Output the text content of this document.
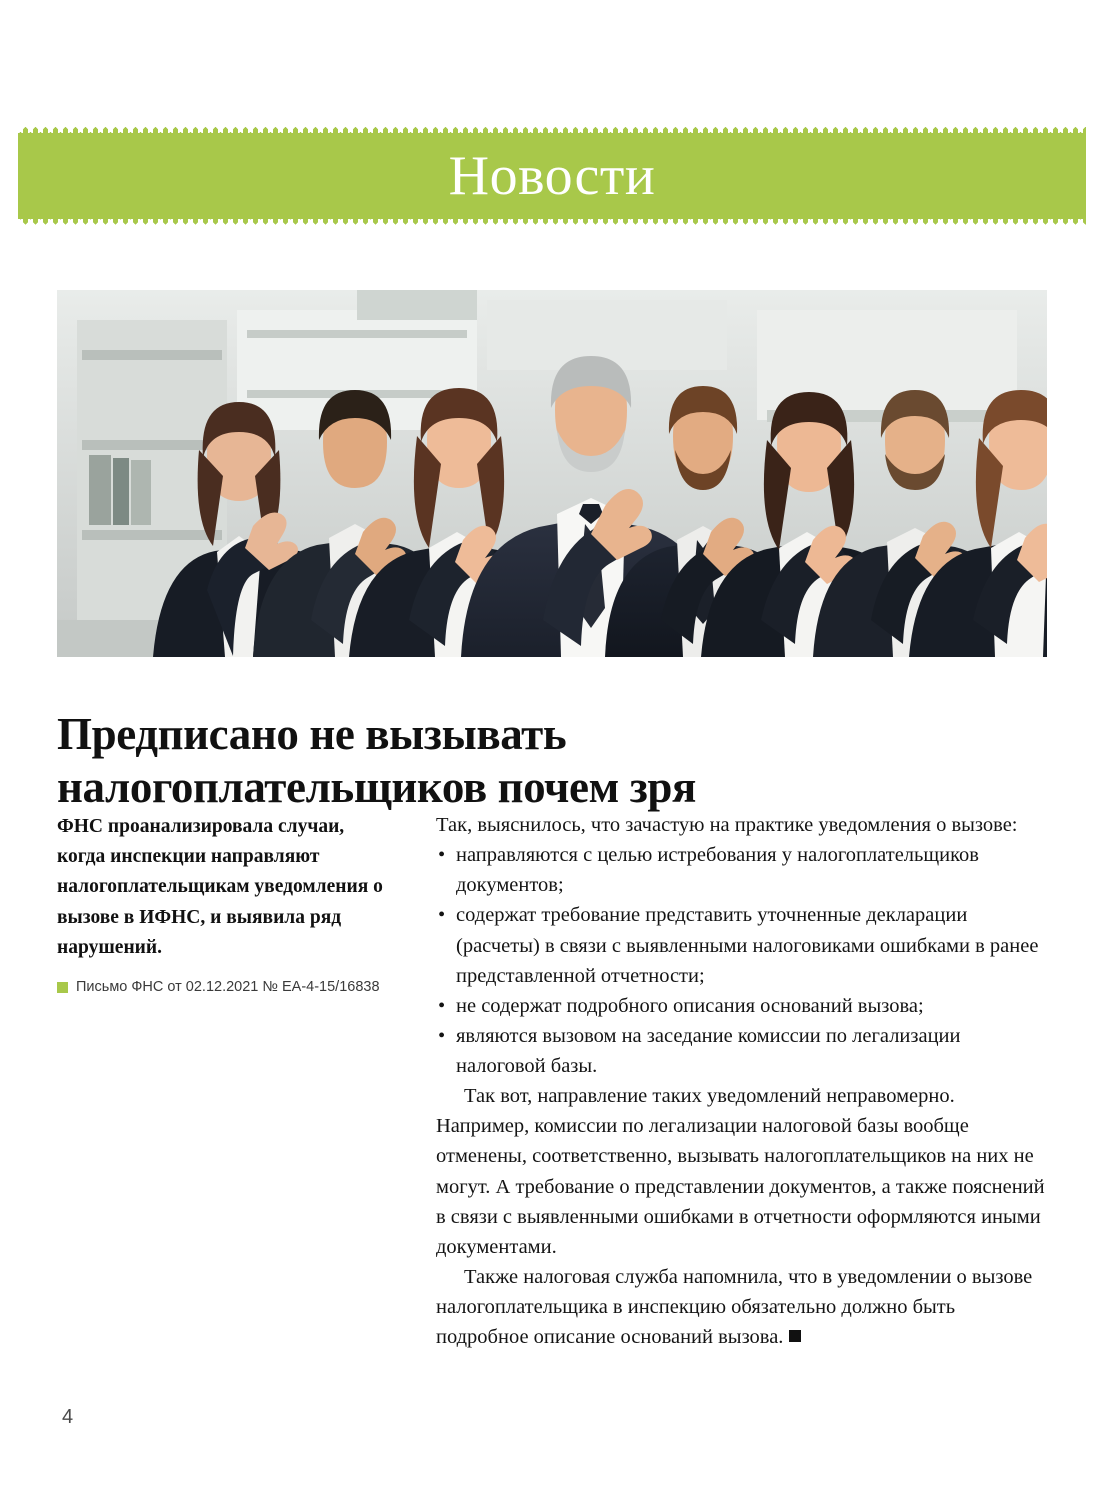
Новости
Предписано не вызывать
налогоплательщиков почем зря

ФНС проанализировала случаи, когда инспекции направляют налогоплательщикам уведомления о вызове в ИФНС, и выявила ряд нарушений.

Письмо ФНС от 02.12.2021 № ЕА-4-15/16838

Так, выяснилось, что зачастую на практике уведомления о вызове:

• направляются с целью истребования у налогоплательщиков документов;
• содержат требование представить уточненные декларации (расчеты) в связи с выявленными налоговиками ошибками в ранее представленной отчетности;
• не содержат подробного описания оснований вызова;
• являются вызовом на заседание комиссии по легализации налоговой базы.

Так вот, направление таких уведомлений неправомерно. Например, комиссии по легализации налоговой базы вообще отменены, соответственно, вызывать налогоплательщиков на них не могут. А требование о представлении документов, а также пояснений в связи с выявленными ошибками в отчетности оформляются иными документами.

Также налоговая служба напомнила, что в уведомлении о вызове налогоплательщика в инспекцию обязательно должно быть подробное описание оснований вызова.

4
